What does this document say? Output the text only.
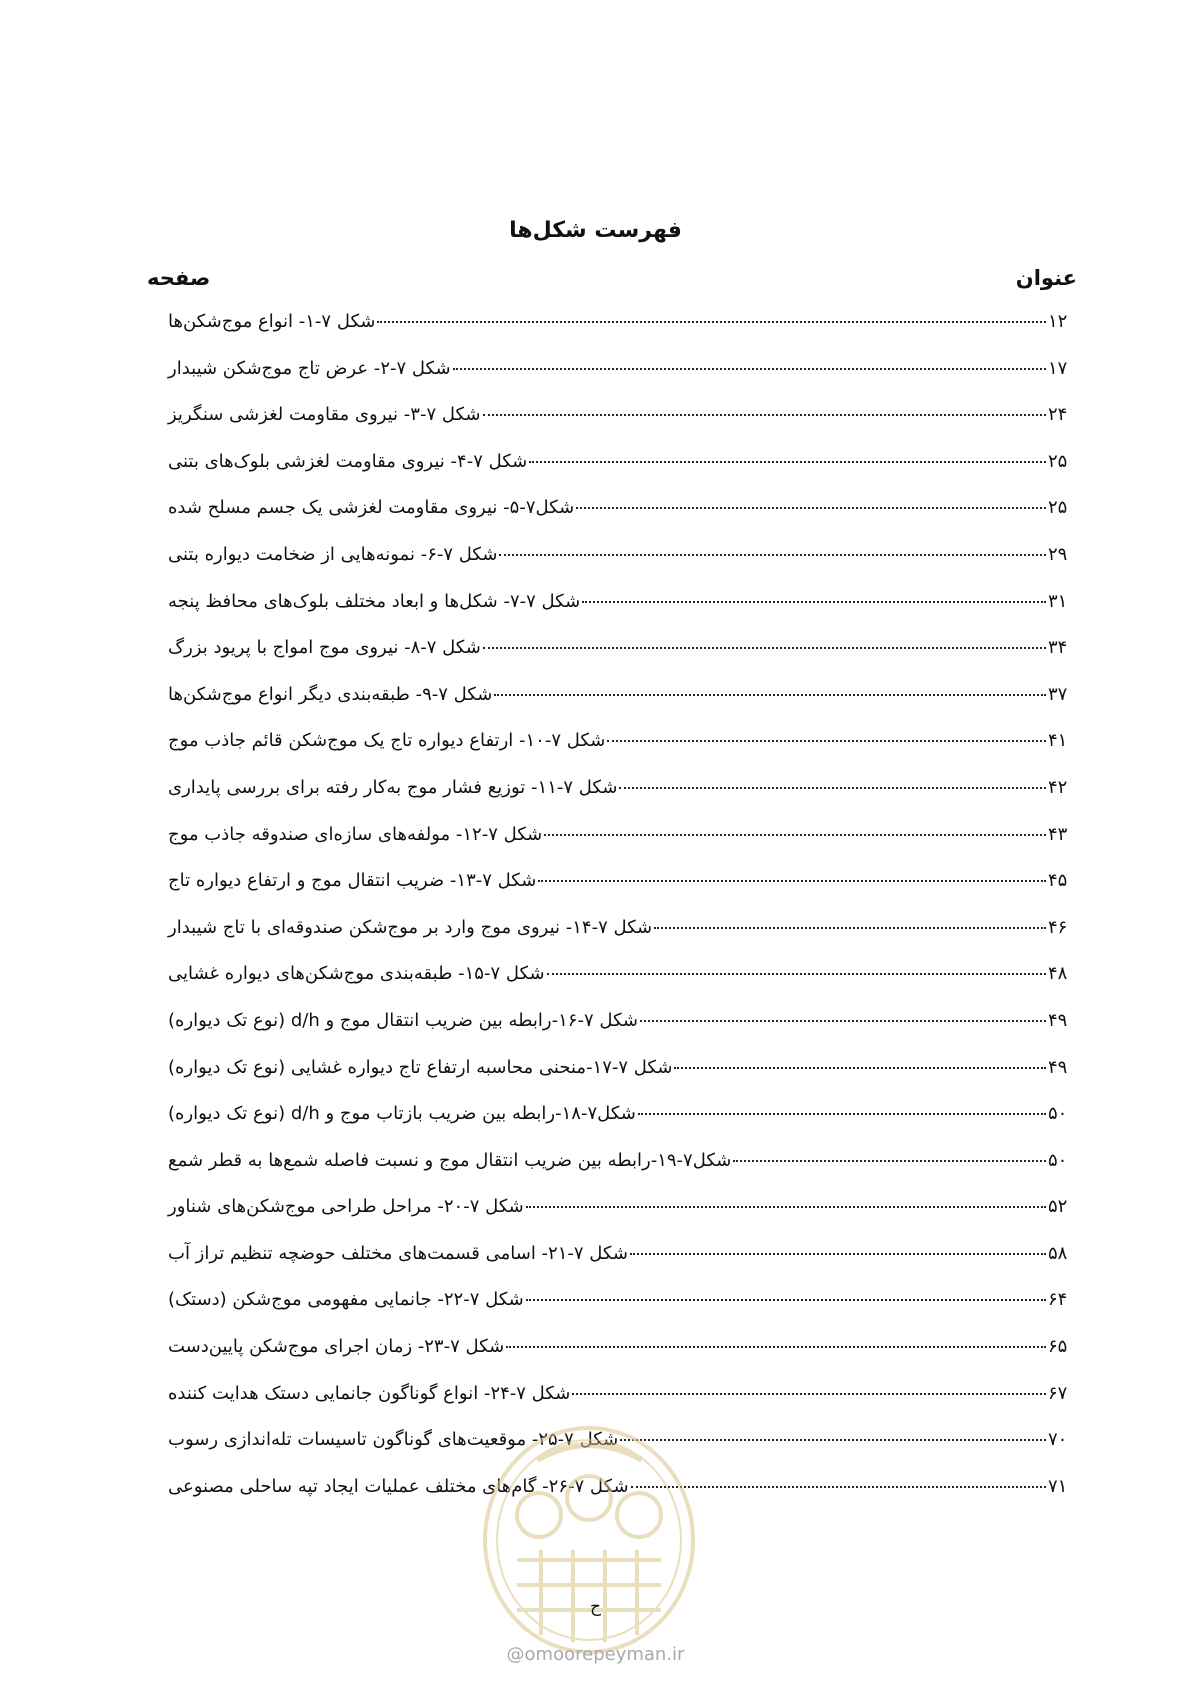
فهرست شکل‌ها
عنوان
صفحه
شکل ۷-۱- انواع موج‌شکن‌ها	۱۲
شکل ۷-۲- عرض تاج موج‌شکن شیبدار	۱۷
شکل ۷-۳- نیروی مقاومت لغزشی سنگریز	۲۴
شکل ۷-۴- نیروی مقاومت لغزشی بلوک‌های بتنی	۲۵
شکل۷-۵- نیروی مقاومت لغزشی یک جسم مسلح شده	۲۵
شکل ۷-۶- نمونه‌هایی از ضخامت دیواره بتنی	۲۹
شکل ۷-۷- شکل‌ها و ابعاد مختلف بلوک‌های محافظ پنجه	۳۱
شکل ۷-۸- نیروی موج امواج با پریود بزرگ	۳۴
شکل ۷-۹- طبقه‌بندی دیگر انواع موج‌شکن‌ها	۳۷
شکل ۷-۱۰- ارتفاع دیواره تاج یک موج‌شکن قائم جاذب موج	۴۱
شکل ۷-۱۱- توزیع فشار موج به‌کار رفته برای بررسی پایداری	۴۲
شکل ۷-۱۲- مولفه‌های سازه‌ای صندوقه جاذب موج	۴۳
شکل ۷-۱۳- ضریب انتقال موج و ارتفاع دیواره تاج	۴۵
شکل ۷-۱۴- نیروی موج وارد بر موج‌شکن صندوقه‌ای با تاج شیبدار	۴۶
شکل ۷-۱۵- طبقه‌بندی موج‌شکن‌های دیواره غشایی	۴۸
شکل ۷-۱۶-رابطه بین ضریب انتقال موج و d/h (نوع تک دیواره)	۴۹
شکل ۷-۱۷-منحنی محاسبه ارتفاع تاج دیواره غشایی (نوع تک دیواره)	۴۹
شکل۷-۱۸-رابطه بین ضریب بازتاب موج و d/h (نوع تک دیواره)	۵۰
شکل۷-۱۹-رابطه بین ضریب انتقال موج و نسبت فاصله شمع‌ها به قطر شمع	۵۰
شکل ۷-۲۰- مراحل طراحی موج‌شکن‌های شناور	۵۲
شکل ۷-۲۱- اسامی قسمت‌های مختلف حوضچه تنظیم تراز آب	۵۸
شکل ۷-۲۲- جانمایی مفهومی موج‌شکن (دستک)	۶۴
شکل ۷-۲۳- زمان اجرای موج‌شکن پایین‌دست	۶۵
شکل ۷-۲۴- انواع گوناگون جانمایی دستک هدایت کننده	۶۷
شکل ۷-۲۵- موقعیت‌های گوناگون تاسیسات تله‌اندازی رسوب	۷۰
شکل ۷-۲۶- گام‌های مختلف عملیات ایجاد تپه ساحلی مصنوعی	۷۱
ح
@omoorepeyman.ir
